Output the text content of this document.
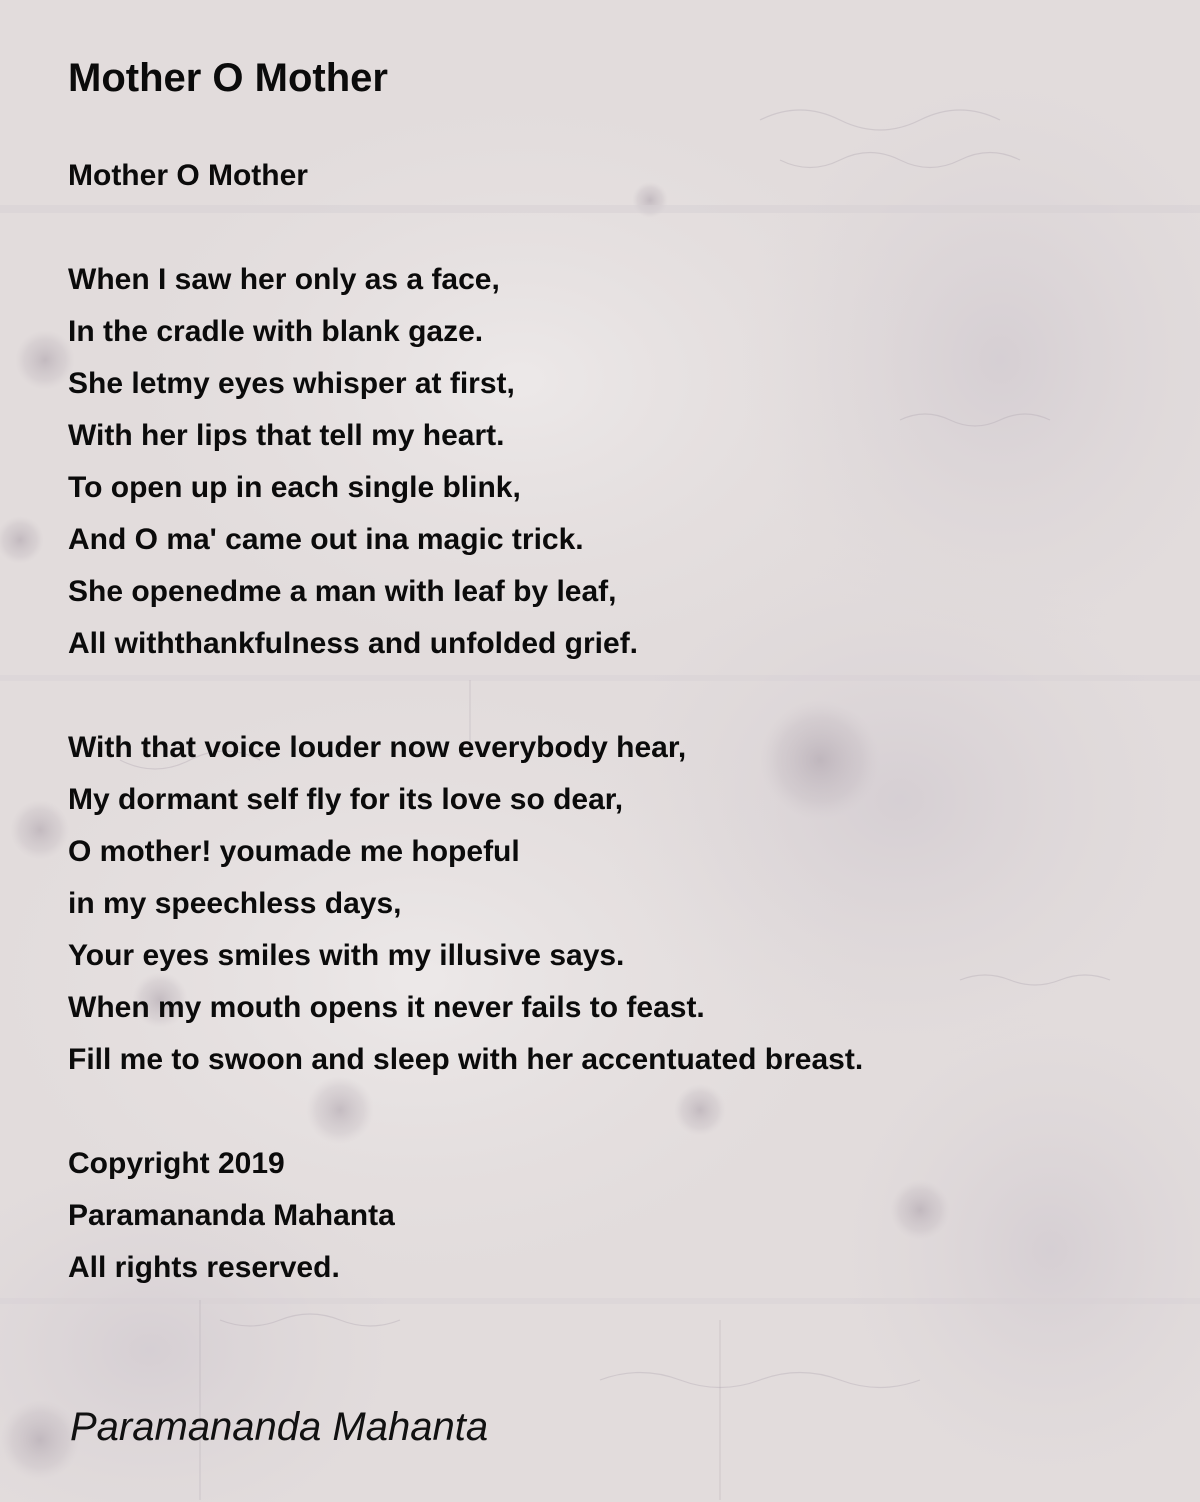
Mother O Mother
Mother O Mother
When I saw her only as a face,
In the cradle with blank gaze.
She letmy eyes whisper at first,
With her lips that tell my heart.
To open up in each single blink,
And O ma' came out ina magic trick.
She openedme a man with leaf by leaf,
All withthankfulness and unfolded grief.
With that voice louder now everybody hear,
My dormant self fly for its love so dear,
O mother! youmade me hopeful
in my speechless days,
Your eyes smiles with my illusive says.
When my mouth opens it never fails to feast.
Fill me to swoon and sleep with her accentuated breast.
Copyright 2019
Paramananda Mahanta
All rights reserved.
Paramananda Mahanta
